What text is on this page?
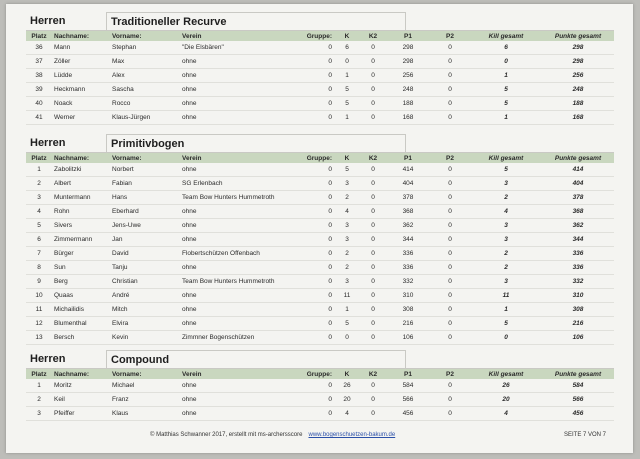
Herren	Traditioneller Recurve
Platz	Nachname:	Vorname:	Verein	Gruppe:	K	K2	P1	P2	Kill gesamt	Punkte gesamt
36	Mann	Stephan	"Die Elsbären"	0	6	0	298	0	6	298
37	Zöller	Max	ohne	0	0	0	298	0	0	298
38	Lüdde	Alex	ohne	0	1	0	256	0	1	256
39	Heckmann	Sascha	ohne	0	5	0	248	0	5	248
40	Noack	Rocco	ohne	0	5	0	188	0	5	188
41	Werner	Klaus-Jürgen	ohne	0	1	0	168	0	1	168
Herren	Primitivbogen
Platz	Nachname:	Vorname:	Verein	Gruppe:	K	K2	P1	P2	Kill gesamt	Punkte gesamt
1	Zabolitzki	Norbert	ohne	0	5	0	414	0	5	414
2	Albert	Fabian	SG Erlenbach	0	3	0	404	0	3	404
3	Muntermann	Hans	Team Bow Hunters Hummetroth	0	2	0	378	0	2	378
4	Rohn	Eberhard	ohne	0	4	0	368	0	4	368
5	Sivers	Jens-Uwe	ohne	0	3	0	362	0	3	362
6	Zimmermann	Jan	ohne	0	3	0	344	0	3	344
7	Bürger	David	Flobertschützen Offenbach	0	2	0	336	0	2	336
8	Sun	Tanju	ohne	0	2	0	336	0	2	336
9	Berg	Christian	Team Bow Hunters Hummetroth	0	3	0	332	0	3	332
10	Quaas	André	ohne	0	11	0	310	0	11	310
11	Michailidis	Mitch	ohne	0	1	0	308	0	1	308
12	Blumenthal	Elvira	ohne	0	5	0	216	0	5	216
13	Bersch	Kevin	Zimmner Bogenschützen	0	0	0	106	0	0	106
Herren	Compound
Platz	Nachname:	Vorname:	Verein	Gruppe:	K	K2	P1	P2	Kill gesamt	Punkte gesamt
1	Moritz	Michael	ohne	0	26	0	584	0	26	584
2	Keil	Franz	ohne	0	20	0	566	0	20	566
3	Pfeiffer	Klaus	ohne	0	4	0	456	0	4	456
© Matthias Schwanner 2017, erstellt mit ms-archersscore www.bogenschuetzen-bakum.de	SEITE 7 VON 7
